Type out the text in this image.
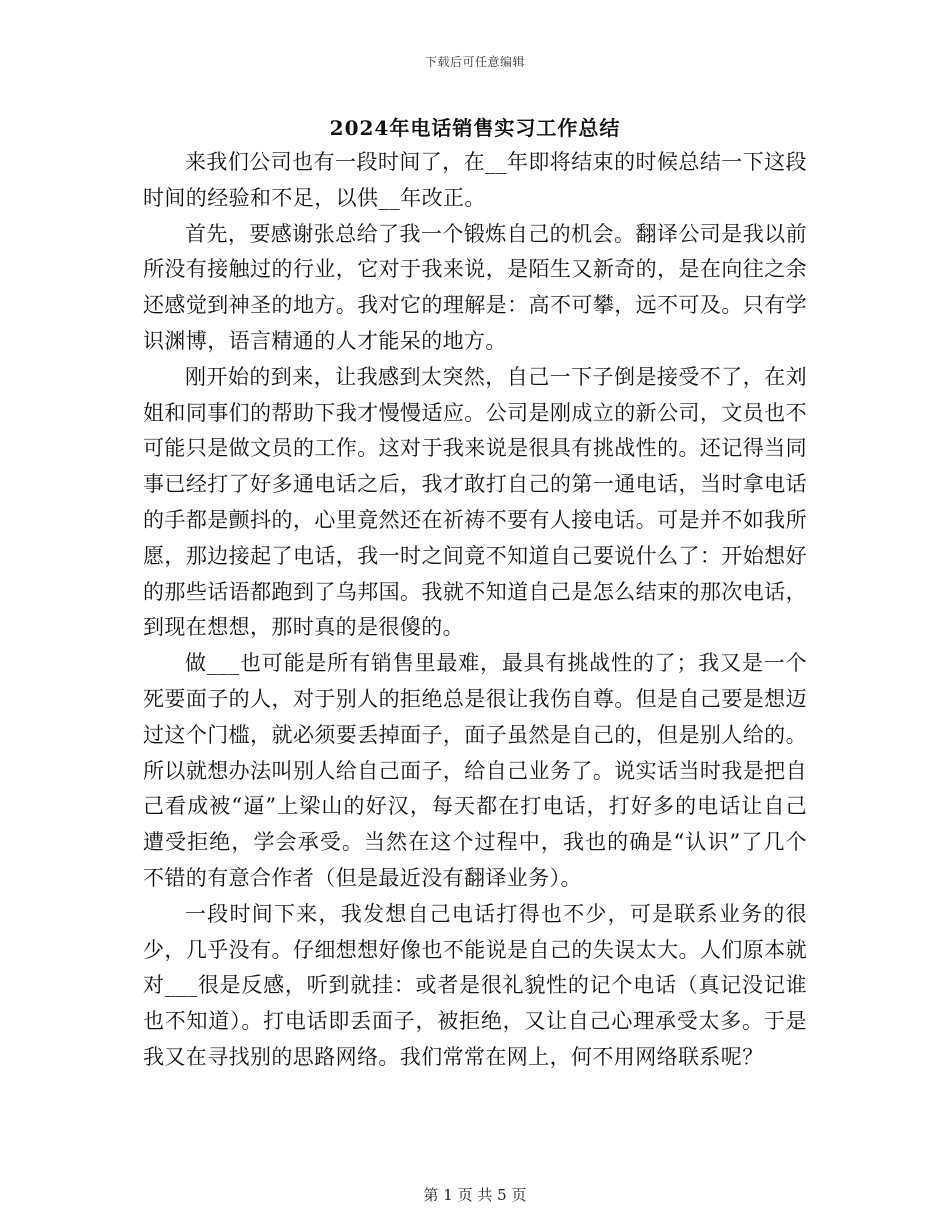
下载后可任意编辑
2024年电话销售实习工作总结

来我们公司也有一段时间了，在__年即将结束的时候总结一下这段时间的经验和不足，以供__年改正。

首先，要感谢张总给了我一个锻炼自己的机会。翻译公司是我以前所没有接触过的行业，它对于我来说，是陌生又新奇的，是在向往之余还感觉到神圣的地方。我对它的理解是：高不可攀，远不可及。只有学识渊博，语言精通的人才能呆的地方。

刚开始的到来，让我感到太突然，自己一下子倒是接受不了，在刘姐和同事们的帮助下我才慢慢适应。公司是刚成立的新公司，文员也不可能只是做文员的工作。这对于我来说是很具有挑战性的。还记得当同事已经打了好多通电话之后，我才敢打自己的第一通电话，当时拿电话的手都是颤抖的，心里竟然还在祈祷不要有人接电话。可是并不如我所愿，那边接起了电话，我一时之间竟不知道自己要说什么了：开始想好的那些话语都跑到了乌邦国。我就不知道自己是怎么结束的那次电话，到现在想想，那时真的是很傻的。

做___也可能是所有销售里最难，最具有挑战性的了；我又是一个死要面子的人，对于别人的拒绝总是很让我伤自尊。但是自己要是想迈过这个门槛，就必须要丢掉面子，面子虽然是自己的，但是别人给的。所以就想办法叫别人给自己面子，给自己业务了。说实话当时我是把自己看成被“逼”上梁山的好汉，每天都在打电话，打好多的电话让自己遭受拒绝，学会承受。当然在这个过程中，我也的确是“认识”了几个不错的有意合作者（但是最近没有翻译业务）。

一段时间下来，我发想自己电话打得也不少，可是联系业务的很少，几乎没有。仔细想想好像也不能说是自己的失误太大。人们原本就对___很是反感，听到就挂：或者是很礼貌性的记个电话（真记没记谁也不知道）。打电话即丢面子，被拒绝，又让自己心理承受太多。于是我又在寻找别的思路网络。我们常常在网上，何不用网络联系呢？

第 1 页 共 5 页
